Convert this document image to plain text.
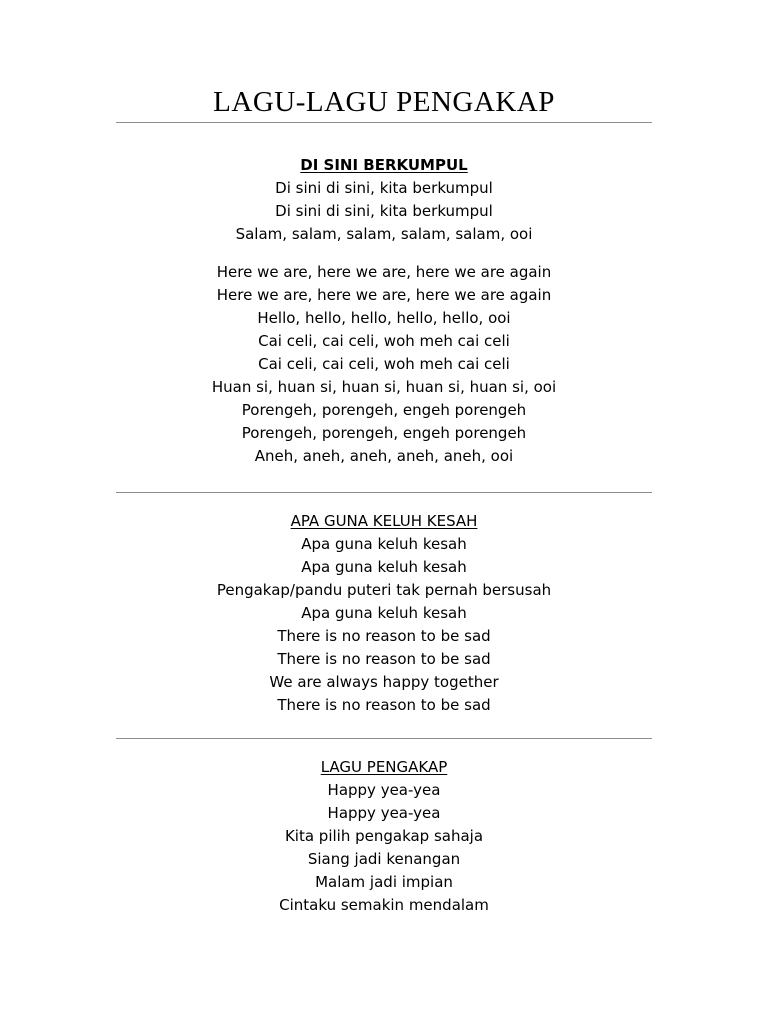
LAGU-LAGU PENGAKAP
DI SINI BERKUMPUL
Di sini di sini, kita berkumpul
Di sini di sini, kita berkumpul
Salam, salam, salam, salam, salam, ooi
Here we are, here we are, here we are again
Here we are, here we are, here we are again
Hello, hello, hello, hello, hello, ooi
Cai celi, cai celi, woh meh cai celi
Cai celi, cai celi, woh meh cai celi
Huan si, huan si, huan si, huan si, huan si, ooi
Porengeh, porengeh, engeh porengeh
Porengeh, porengeh, engeh porengeh
Aneh, aneh, aneh, aneh, aneh, ooi
APA GUNA KELUH KESAH
Apa guna keluh kesah
Apa guna keluh kesah
Pengakap/pandu puteri tak pernah bersusah
Apa guna keluh kesah
There is no reason to be sad
There is no reason to be sad
We are always happy together
There is no reason to be sad
LAGU PENGAKAP
Happy yea-yea
Happy yea-yea
Kita pilih pengakap sahaja
Siang jadi kenangan
Malam jadi impian
Cintaku semakin mendalam
